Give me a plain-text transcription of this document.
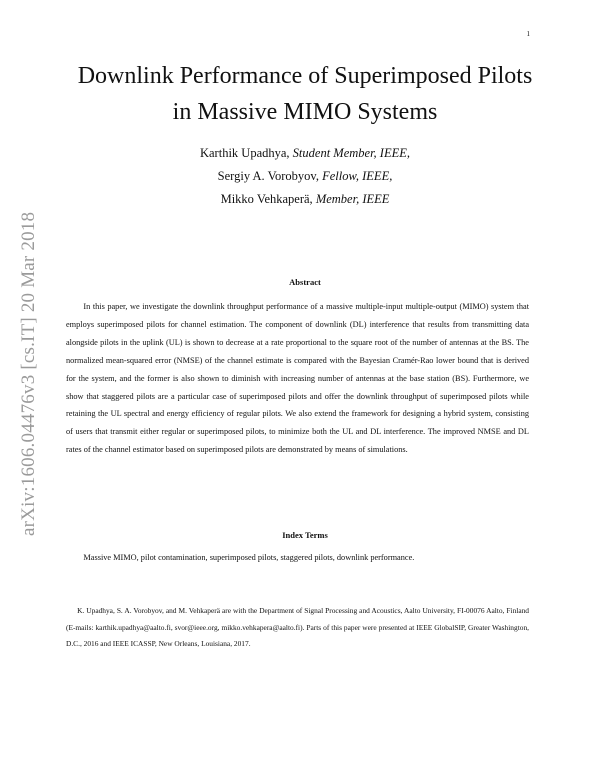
1
arXiv:1606.04476v3 [cs.IT] 20 Mar 2018
Downlink Performance of Superimposed Pilots
in Massive MIMO Systems
Karthik Upadhya, Student Member, IEEE,
Sergiy A. Vorobyov, Fellow, IEEE,
Mikko Vehkaperä, Member, IEEE
Abstract

In this paper, we investigate the downlink throughput performance of a massive multiple-input multiple-output (MIMO) system that employs superimposed pilots for channel estimation. The component of downlink (DL) interference that results from transmitting data alongside pilots in the uplink (UL) is shown to decrease at a rate proportional to the square root of the number of antennas at the BS. The normalized mean-squared error (NMSE) of the channel estimate is compared with the Bayesian Cramér-Rao lower bound that is derived for the system, and the former is also shown to diminish with increasing number of antennas at the base station (BS). Furthermore, we show that staggered pilots are a particular case of superimposed pilots and offer the downlink throughput of superimposed pilots while retaining the UL spectral and energy efficiency of regular pilots. We also extend the framework for designing a hybrid system, consisting of users that transmit either regular or superimposed pilots, to minimize both the UL and DL interference. The improved NMSE and DL rates of the channel estimator based on superimposed pilots are demonstrated by means of simulations.

Index Terms

Massive MIMO, pilot contamination, superimposed pilots, staggered pilots, downlink performance.

K. Upadhya, S. A. Vorobyov, and M. Vehkaperä are with the Department of Signal Processing and Acoustics, Aalto University, FI-00076 Aalto, Finland (E-mails: karthik.upadhya@aalto.fi, svor@ieee.org, mikko.vehkapera@aalto.fi). Parts of this paper were presented at IEEE GlobalSIP, Greater Washington, D.C., 2016 and IEEE ICASSP, New Orleans, Louisiana, 2017.
